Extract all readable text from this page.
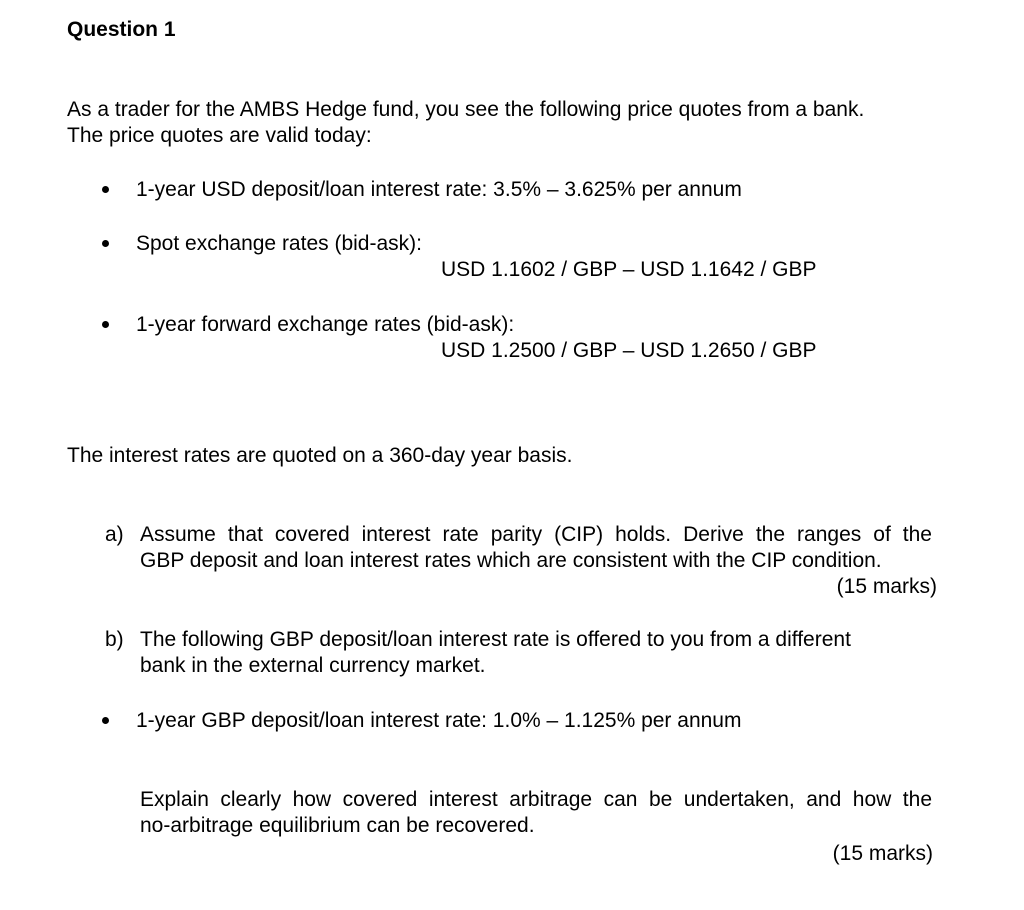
Question 1
As a trader for the AMBS Hedge fund, you see the following price quotes from a bank.
The price quotes are valid today:
1-year USD deposit/loan interest rate: 3.5% – 3.625% per annum
Spot exchange rates (bid-ask):
USD 1.1602 / GBP – USD 1.1642 / GBP
1-year forward exchange rates (bid-ask):
USD 1.2500 / GBP – USD 1.2650 / GBP
The interest rates are quoted on a 360-day year basis.
a) Assume that covered interest rate parity (CIP) holds. Derive the ranges of the
GBP deposit and loan interest rates which are consistent with the CIP condition.
(15 marks)
b) The following GBP deposit/loan interest rate is offered to you from a different
bank in the external currency market.
1-year GBP deposit/loan interest rate: 1.0% – 1.125% per annum
Explain clearly how covered interest arbitrage can be undertaken, and how the
no-arbitrage equilibrium can be recovered.
(15 marks)
